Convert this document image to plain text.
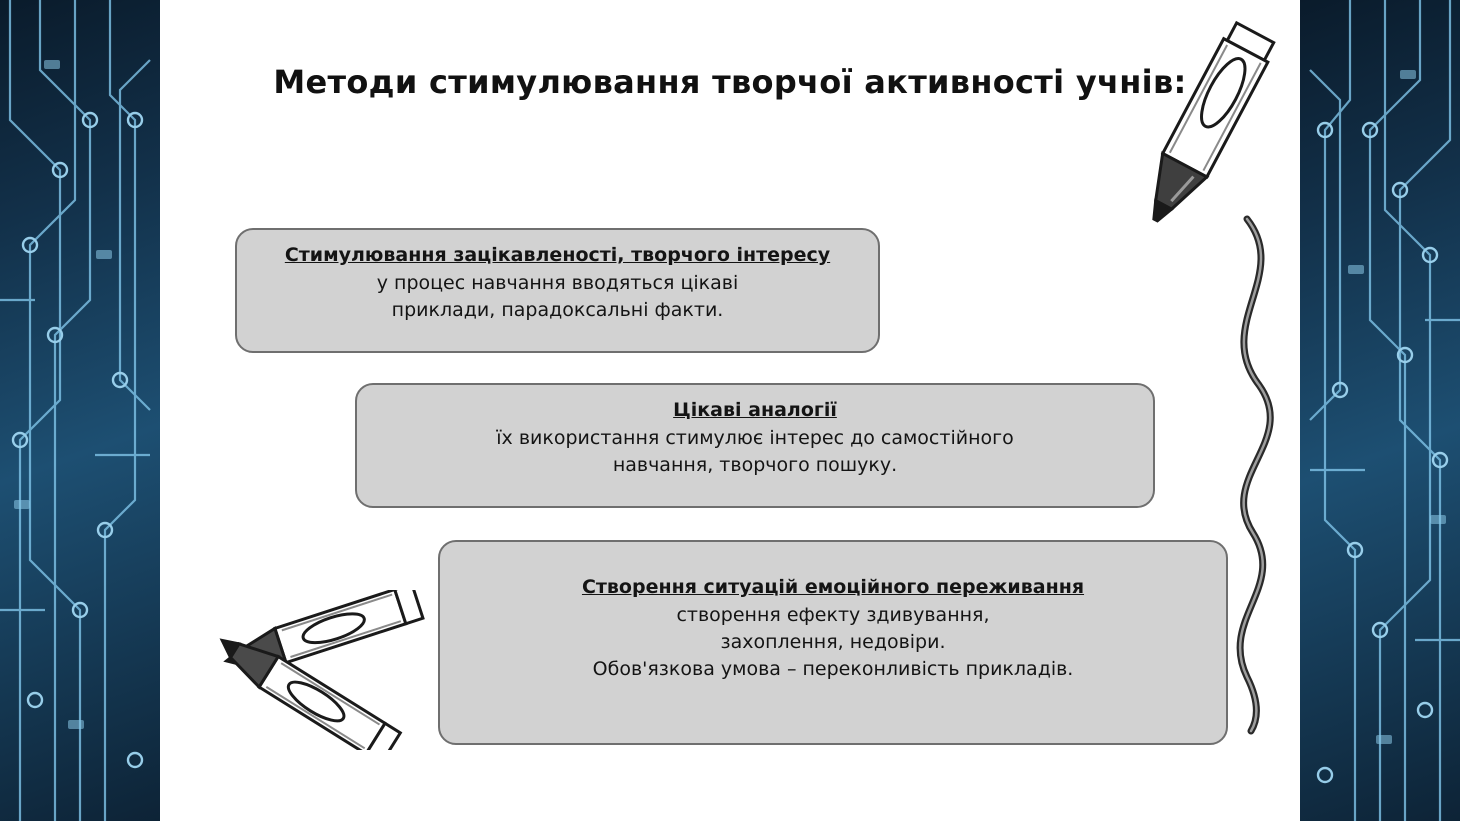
Методи стимулювання творчої активності учнів:
Стимулювання зацікавленості, творчого інтересу
у процес навчання вводяться цікаві
приклади, парадоксальні факти.
Цікаві аналогії
їх використання стимулює інтерес до самостійного
навчання, творчого пошуку.
Створення ситуацій емоційного переживання
створення ефекту здивування,
захоплення, недовіри.
Обов'язкова умова – переконливість прикладів.
